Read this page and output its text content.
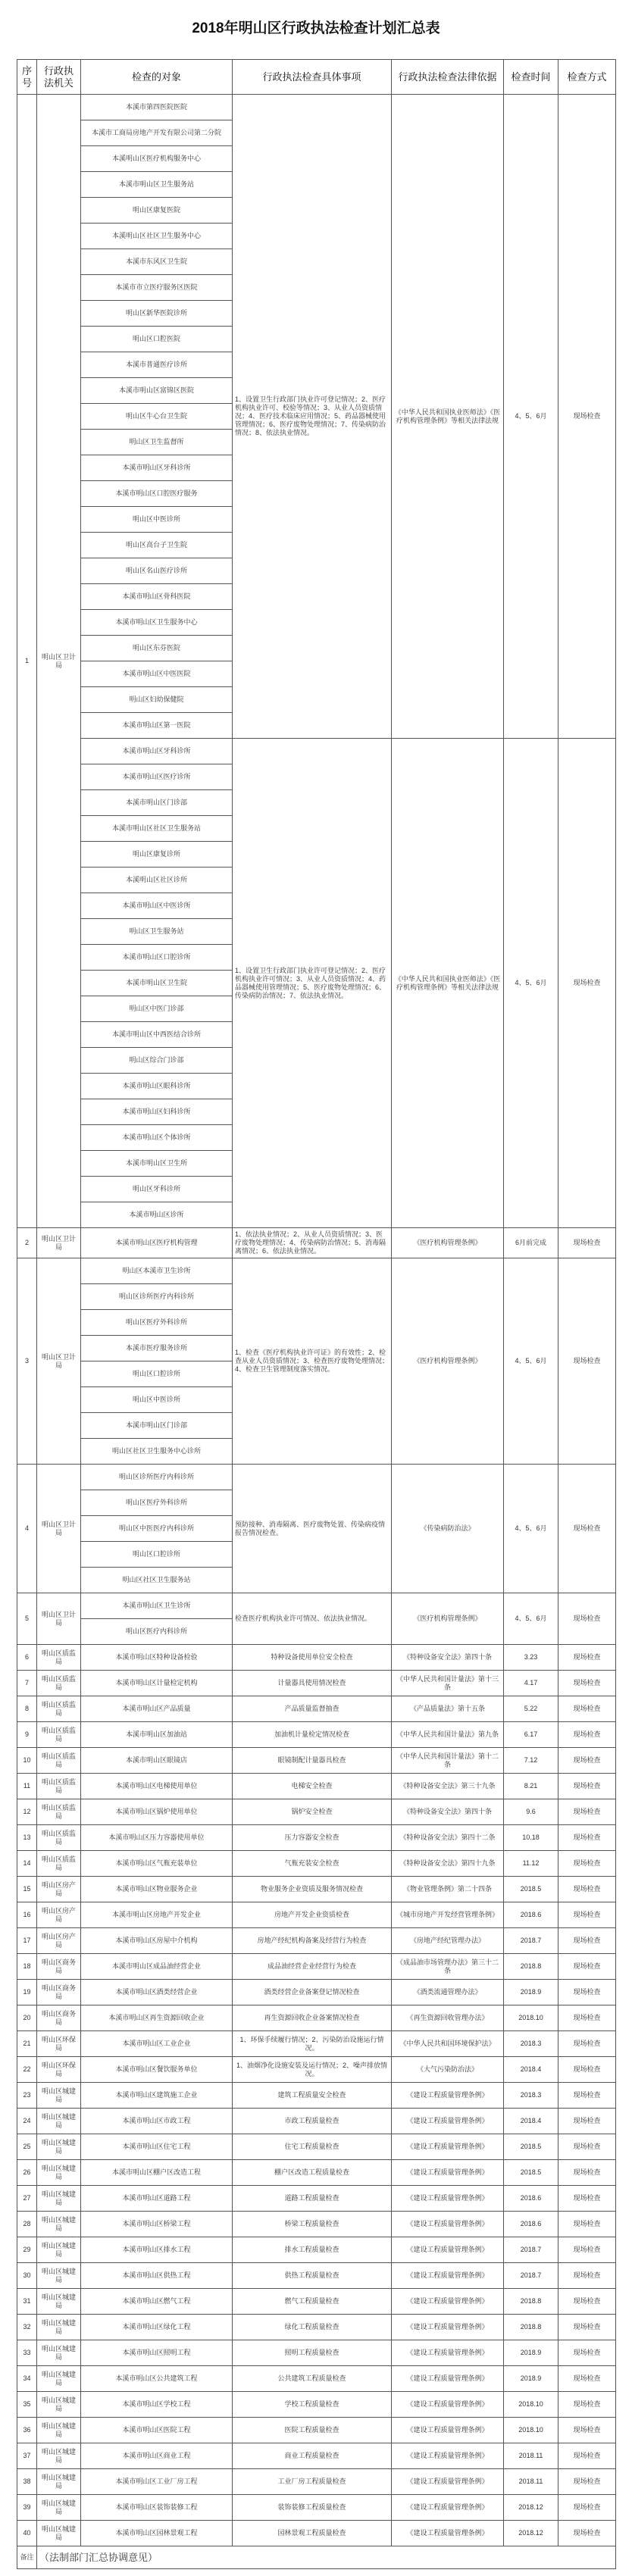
2018年明山区行政执法检查计划汇总表
序号	行政执法机关	检查的对象	行政执法检查具体事项	行政执法检查法律依据	检查时间	检查方式
1	明山区卫计局	本溪市第四医院医院	1、设置卫生行政部门执业许可登记情况；2、医疗机构执业许可、校验等情况；3、从业人员资质情况；4、医疗技术临床应用情况；5、药品器械使用管理情况；6、医疗废物处理情况；7、传染病防治情况；8、依法执业情况。	《中华人民共和国执业医师法》《医疗机构管理条例》等相关法律法规	4、5、6月	现场检查
		本溪市工商局房地产开发有限公司第二分院				
		本溪明山区医疗机构服务中心				
		本溪市明山区卫生服务站				
		明山区康复医院				
		本溪明山区社区卫生服务中心				
		本溪市东风区卫生院				
		本溪市市立医疗服务区医院				
		明山区新华医院诊所				
		明山区口腔医院				
		本溪市普通医疗诊所				
		本溪市明山区富锦区医院				
		明山区牛心台卫生院				
		明山区卫生监督所				
		本溪市明山区牙科诊所				
		本溪市明山区口腔医疗服务				
		明山区中医诊所				
		明山区高台子卫生院				
		明山区名山医疗诊所				
		本溪市明山区骨科医院				
		本溪市明山区卫生服务中心				
		明山区东芬医院				
		本溪市明山区中医医院				
		明山区妇幼保健院				
		本溪市明山区第一医院				
		本溪市明山区牙科诊所	1、设置卫生行政部门执业许可登记情况；2、医疗机构执业许可情况；3、从业人员资质情况；4、药品器械使用管理情况；5、医疗废物处理情况；6、传染病防治情况；7、依法执业情况。	《中华人民共和国执业医师法》《医疗机构管理条例》等相关法律法规	4、5、6月	现场检查
		本溪市明山区医疗诊所				
		本溪市明山区门诊部				
		本溪市明山区社区卫生服务站				
		明山区康复诊所				
		本溪明山区社区诊所				
		本溪市明山区中医诊所				
		明山区卫生服务站				
		本溪市明山区口腔诊所				
		本溪市明山区卫生院				
		明山区中医门诊部				
		本溪市明山区中西医结合诊所				
		明山区综合门诊部				
		本溪市明山区眼科诊所				
		本溪市明山区妇科诊所				
		本溪市明山区个体诊所				
		本溪市明山区卫生所				
		明山区牙科诊所				
		本溪市明山区诊所				
2	明山区卫计局	本溪市明山区医疗机构管理	1、依法执业情况；2、从业人员资质情况；3、医疗废物处理情况；4、传染病防治情况；5、消毒隔离情况；6、依法执业情况。	《医疗机构管理条例》	6月前完成	现场检查
3	明山区卫计局	明山区本溪市卫生诊所	1、检查《医疗机构执业许可证》的有效性；2、检查从业人员资质情况；3、检查医疗废物处理情况；4、检查卫生管理制度落实情况。	《医疗机构管理条例》	4、5、6月	现场检查
		明山区诊所医疗内科诊所				
		明山区医疗外科诊所				
		本溪市医疗服务诊所				
		明山区口腔诊所				
		明山区中医诊所				
		本溪市明山区门诊部				
		明山区社区卫生服务中心诊所				
4	明山区卫计局	明山区诊所医疗内科诊所	预防接种、消毒隔离、医疗废物处置、传染病疫情报告情况检查。	《传染病防治法》	4、5、6月	现场检查
		明山区医疗外科诊所				
		明山区中医医疗内科诊所				
		明山区口腔诊所				
		明山区社区卫生服务站				
5	明山区卫计局	本溪市明山区卫生诊所	检查医疗机构执业许可情况、依法执业情况。	《医疗机构管理条例》	4、5、6月	现场检查
		明山区医疗内科诊所				
6	明山区质监局	本溪市明山区特种设备检验	特种设备使用单位安全检查	《特种设备安全法》第四十条	3.23	现场检查
7	明山区质监局	本溪市明山区计量检定机构	计量器具使用情况检查	《中华人民共和国计量法》第十三条	4.17	现场检查
8	明山区质监局	本溪市明山区产品质量	产品质量监督抽查	《产品质量法》第十五条	5.22	现场检查
9	明山区质监局	本溪市明山区加油站	加油机计量检定情况检查	《中华人民共和国计量法》第九条	6.17	现场检查
10	明山区质监局	本溪市明山区眼镜店	眼镜制配计量器具检查	《中华人民共和国计量法》第十二条	7.12	现场检查
11	明山区质监局	本溪市明山区电梯使用单位	电梯安全检查	《特种设备安全法》第三十九条	8.21	现场检查
12	明山区质监局	本溪市明山区锅炉使用单位	锅炉安全检查	《特种设备安全法》第四十条	9.6	现场检查
13	明山区质监局	本溪市明山区压力容器使用单位	压力容器安全检查	《特种设备安全法》第四十二条	10.18	现场检查
14	明山区质监局	本溪市明山区气瓶充装单位	气瓶充装安全检查	《特种设备安全法》第四十九条	11.12	现场检查
15	明山区房产局	本溪市明山区物业服务企业	物业服务企业资质及服务情况检查	《物业管理条例》第二十四条	2018.5	现场检查
16	明山区房产局	本溪市明山区房地产开发企业	房地产开发企业资质检查	《城市房地产开发经营管理条例》	2018.6	现场检查
17	明山区房产局	本溪市明山区房屋中介机构	房地产经纪机构备案及经营行为检查	《房地产经纪管理办法》	2018.7	现场检查
18	明山区商务局	本溪市明山区成品油经营企业	成品油经营企业经营行为检查	《成品油市场管理办法》第三十二条	2018.8	现场检查
19	明山区商务局	本溪市明山区酒类经营企业	酒类经营企业备案登记情况检查	《酒类流通管理办法》	2018.9	现场检查
20	明山区商务局	本溪市明山区再生资源回收企业	再生资源回收企业备案情况检查	《再生资源回收管理办法》	2018.10	现场检查
21	明山区环保局	本溪市明山区工业企业	1、环保手续履行情况；2、污染防治设施运行情况。	《中华人民共和国环境保护法》	2018.3	现场检查
22	明山区环保局	本溪市明山区餐饮服务单位	1、油烟净化设施安装及运行情况；2、噪声排放情况。	《大气污染防治法》	2018.4	现场检查
23	明山区城建局	本溪市明山区建筑施工企业	建筑工程质量安全检查	《建设工程质量管理条例》	2018.3	现场检查
24	明山区城建局	本溪市明山区市政工程	市政工程质量检查	《建设工程质量管理条例》	2018.4	现场检查
25	明山区城建局	本溪市明山区住宅工程	住宅工程质量检查	《建设工程质量管理条例》	2018.5	现场检查
26	明山区城建局	本溪市明山区棚户区改造工程	棚户区改造工程质量检查	《建设工程质量管理条例》	2018.5	现场检查
27	明山区城建局	本溪市明山区道路工程	道路工程质量检查	《建设工程质量管理条例》	2018.6	现场检查
28	明山区城建局	本溪市明山区桥梁工程	桥梁工程质量检查	《建设工程质量管理条例》	2018.6	现场检查
29	明山区城建局	本溪市明山区排水工程	排水工程质量检查	《建设工程质量管理条例》	2018.7	现场检查
30	明山区城建局	本溪市明山区供热工程	供热工程质量检查	《建设工程质量管理条例》	2018.7	现场检查
31	明山区城建局	本溪市明山区燃气工程	燃气工程质量检查	《建设工程质量管理条例》	2018.8	现场检查
32	明山区城建局	本溪市明山区绿化工程	绿化工程质量检查	《建设工程质量管理条例》	2018.8	现场检查
33	明山区城建局	本溪市明山区照明工程	照明工程质量检查	《建设工程质量管理条例》	2018.9	现场检查
34	明山区城建局	本溪市明山区公共建筑工程	公共建筑工程质量检查	《建设工程质量管理条例》	2018.9	现场检查
35	明山区城建局	本溪市明山区学校工程	学校工程质量检查	《建设工程质量管理条例》	2018.10	现场检查
36	明山区城建局	本溪市明山区医院工程	医院工程质量检查	《建设工程质量管理条例》	2018.10	现场检查
37	明山区城建局	本溪市明山区商业工程	商业工程质量检查	《建设工程质量管理条例》	2018.11	现场检查
38	明山区城建局	本溪市明山区工业厂房工程	工业厂房工程质量检查	《建设工程质量管理条例》	2018.11	现场检查
39	明山区城建局	本溪市明山区装饰装修工程	装饰装修工程质量检查	《建设工程质量管理条例》	2018.12	现场检查
40	明山区城建局	本溪市明山区园林景观工程	园林景观工程质量检查	《建设工程质量管理条例》	2018.12	现场检查
备注	（法制部门汇总协调意见）					
